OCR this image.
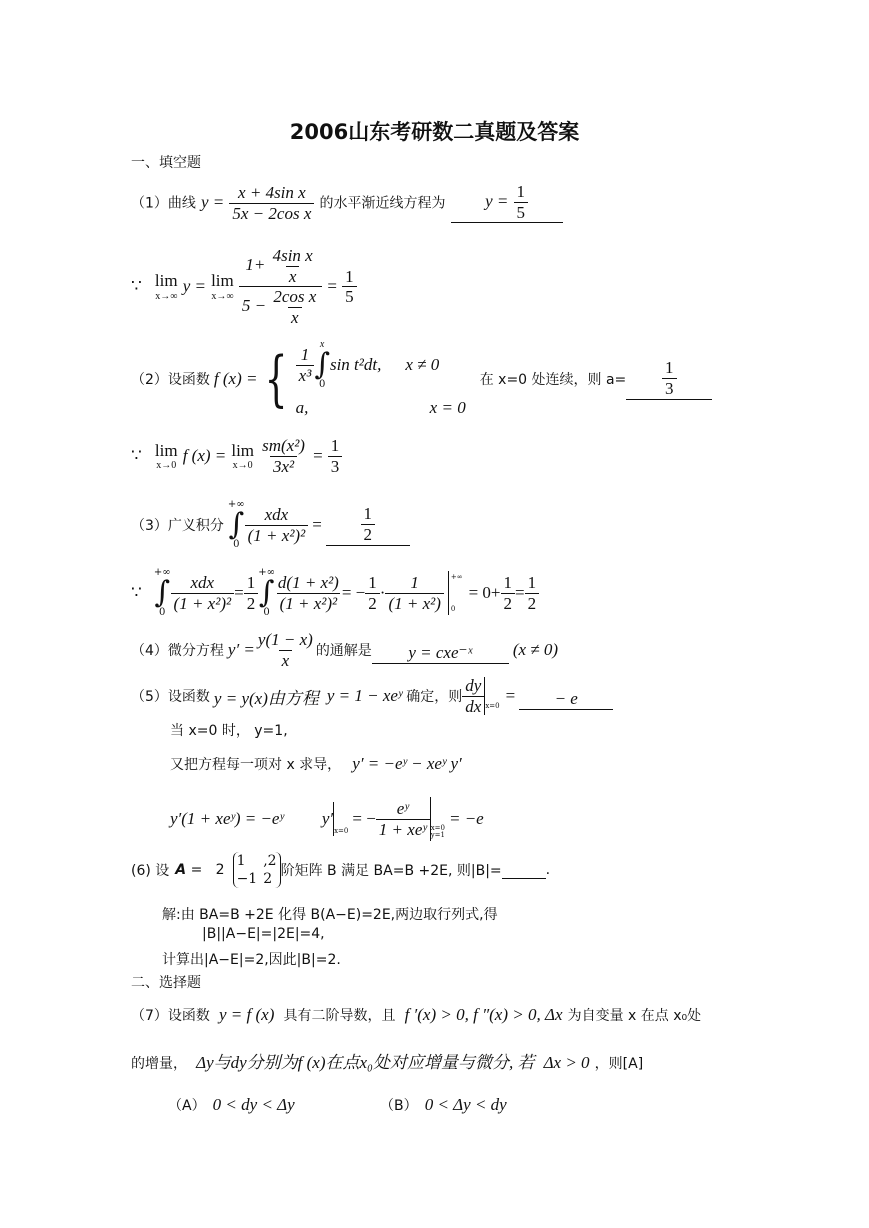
2006山东考研数二真题及答案
一、填空题
（1）曲线 $y = \frac{\text{x + 4sin x}}{\text{5x − 2cos x}}$ 的水平渐近线方程为 $y = \frac{1}{5}$
∵ lim
x→∞
y = lim
x→∞
$\frac{1+ \frac{\text{4sin x}}{x}}{5 - \frac{\text{2cos x}}{x}} = \frac{1}{5}$
（2）设函数 f (x) = { $\frac{1}{\text{x³}}$
x
∫
0
sin t²dt, x ≠ 0
a,	x = 0
在 x=0 处连续，则 $a= \frac{1}{3}$
∵ lim
x→0
f (x) = lim
x→0
$\frac{\text{sm(x²)}}{\text{3x²}} = \frac{1}{3}$
（3）广义积分
+∞
∫
$0 \frac{\text{xdx}}{\text{(1 + x²)²}} = \frac{1}{2}$
∵
+∞
∫
$0 \frac{\text{xdx}}{\text{(1 + x²)²}} = \frac{1}{2}$
+∞
∫
$0 \frac{\text{d(1 + x²)}}{\text{(1 + x²)²}}$ = − $\frac{1}{2} \cdot \frac{1}{\text{(1 + x²)}}$ +∞
0
= $0+ \frac{1}{2} = \frac{1}{2}$
（4）微分方程 $y' = \frac{y(1 - x)}{x}$ 的通解是	y = cxe⁻ˣ	(x ≠ 0)
（5）设函数 y = y(x)由方程 y = 1 − xeʸ 确定，则 $\frac{dy}{dx} x=0$
=	− e
当 x=0 时， y=1,
又把方程每一项对 x 求导， y′ = −eʸ − xeʸ y′
y′(1 + xeʸ) = −eʸ y′
x=0
= − $\frac{\text{eʸ}}{\text{1 + xeʸ}} x=0$
y=1
= −e
(6) 设 A =   2
1	,2
−1 2 阶矩阵 B 满足 BA=B +2E, 则|B|=	.
解:由 BA=B +2E 化得 B(A−E)=2E,两边取行列式,得
|B||A−E|=|2E|=4,
计算出|A−E|=2,因此|B|=2.
二、选择题
（7）设函数 y = f (x) 具有二阶导数，且 f ′(x) > 0, f ″(x) > 0, Δx 为自变量 x 在点 x₀处
的增量， Δy与dy分别为f (x)在点x₀处对应增量与微分, 若 Δx > 0 ，则[A]
（A） 0 < dy < Δy	（B） 0 < Δy < dy
